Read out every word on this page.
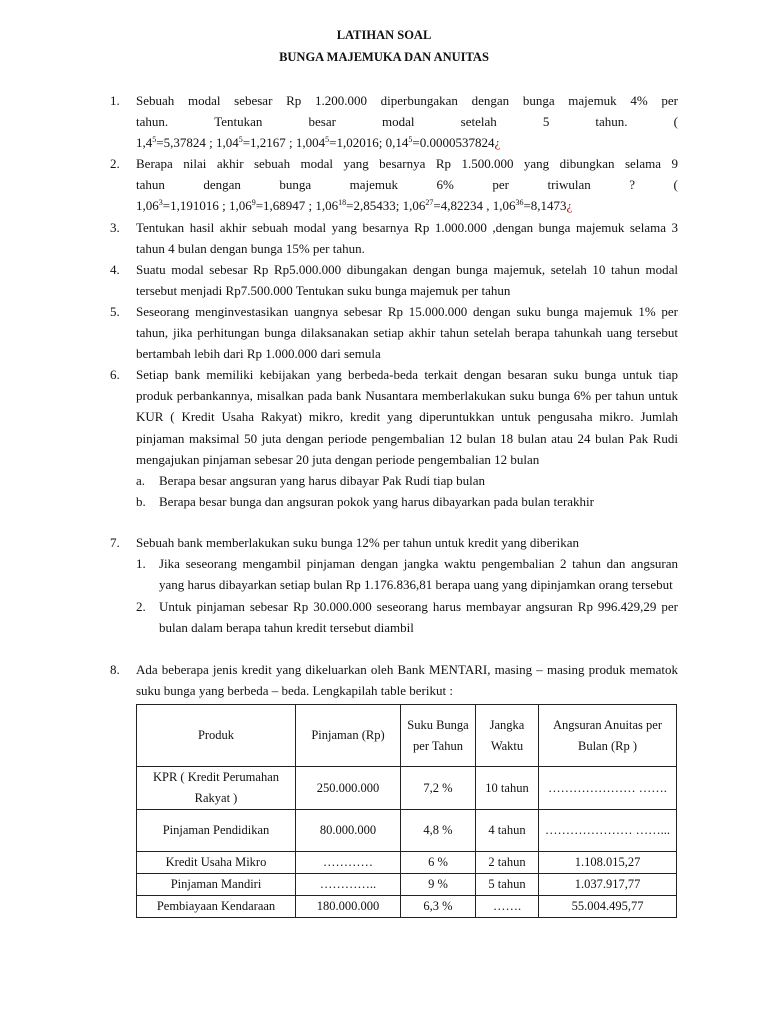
LATIHAN SOAL
BUNGA MAJEMUKA DAN ANUITAS
1.	Sebuah modal sebesar Rp 1.200.000 diperbungakan dengan bunga majemuk 4% per
tahun.	Tentukan	besar	modal	setelah	5	tahun.	(
$1,4^5 =5,37824$ ;
$1,04^5 =1,2167$ ;
$1,004^5 =1,02016$;
$0,14^5 =0.0000537824$ ¿
2.	Berapa nilai akhir sebuah modal yang besarnya Rp 1.500.000 yang dibungkan selama 9
tahun	dengan	bunga	majemuk	6%	per	triwulan	?	(
$1,06^3 =1,191016$ ;
$1,06^9 =1,68947$ ;
$1,06^{18} =2,85433$;
$1,06^{27} =4,82234$ ,
$1,06^{36} =8,1473$ ¿
3.	Tentukan hasil akhir sebuah modal yang besarnya Rp 1.000.000 ,dengan bunga majemuk selama 3 tahun 4 bulan dengan bunga 15% per tahun.
4.	Suatu modal sebesar Rp Rp5.000.000 dibungakan dengan bunga majemuk, setelah 10 tahun modal tersebut menjadi Rp7.500.000 Tentukan suku bunga majemuk per tahun
5.	Seseorang menginvestasikan uangnya sebesar Rp 15.000.000 dengan suku bunga majemuk 1% per tahun, jika perhitungan bunga dilaksanakan setiap akhir tahun setelah berapa tahunkah uang tersebut bertambah lebih dari Rp 1.000.000 dari semula
6.	Setiap bank memiliki kebijakan yang berbeda-beda terkait dengan besaran suku bunga untuk tiap produk perbankannya, misalkan pada bank Nusantara memberlakukan suku bunga 6% per tahun untuk KUR ( Kredit Usaha Rakyat) mikro, kredit yang diperuntukkan untuk pengusaha mikro. Jumlah pinjaman maksimal 50 juta dengan periode pengembalian 12 bulan 18 bulan atau 24 bulan Pak Rudi mengajukan pinjaman sebesar 20 juta dengan periode pengembalian 12 bulan
a. Berapa besar angsuran yang harus dibayar Pak Rudi tiap bulan
b. Berapa besar bunga dan angsuran pokok yang harus dibayarkan pada bulan terakhir
7.	Sebuah bank memberlakukan suku bunga 12% per tahun untuk kredit yang diberikan
1. Jika seseorang mengambil pinjaman dengan jangka waktu pengembalian 2 tahun dan angsuran yang harus dibayarkan setiap bulan Rp 1.176.836,81 berapa uang yang dipinjamkan orang tersebut
2. Untuk pinjaman sebesar Rp 30.000.000 seseorang harus membayar angsuran Rp 996.429,29 per bulan dalam berapa tahun kredit tersebut diambil
8.	Ada beberapa jenis kredit yang dikeluarkan oleh Bank MENTARI, masing – masing produk mematok suku bunga yang berbeda – beda. Lengkapilah table berikut :
Produk	Pinjaman (Rp)	Suku Bunga per Tahun	Jangka Waktu	Angsuran Anuitas per Bulan (Rp )
KPR ( Kredit Perumahan Rakyat )	250.000.000	7,2 %	10 tahun	………………… …….
Pinjaman Pendidikan	80.000.000	4,8 %	4 tahun	………………… ……...
Kredit Usaha Mikro	…………	6 %	2 tahun	1.108.015,27
Pinjaman Mandiri	…………..	9 %	5 tahun	1.037.917,77
Pembiayaan Kendaraan	180.000.000	6,3 %	…….	55.004.495,77
